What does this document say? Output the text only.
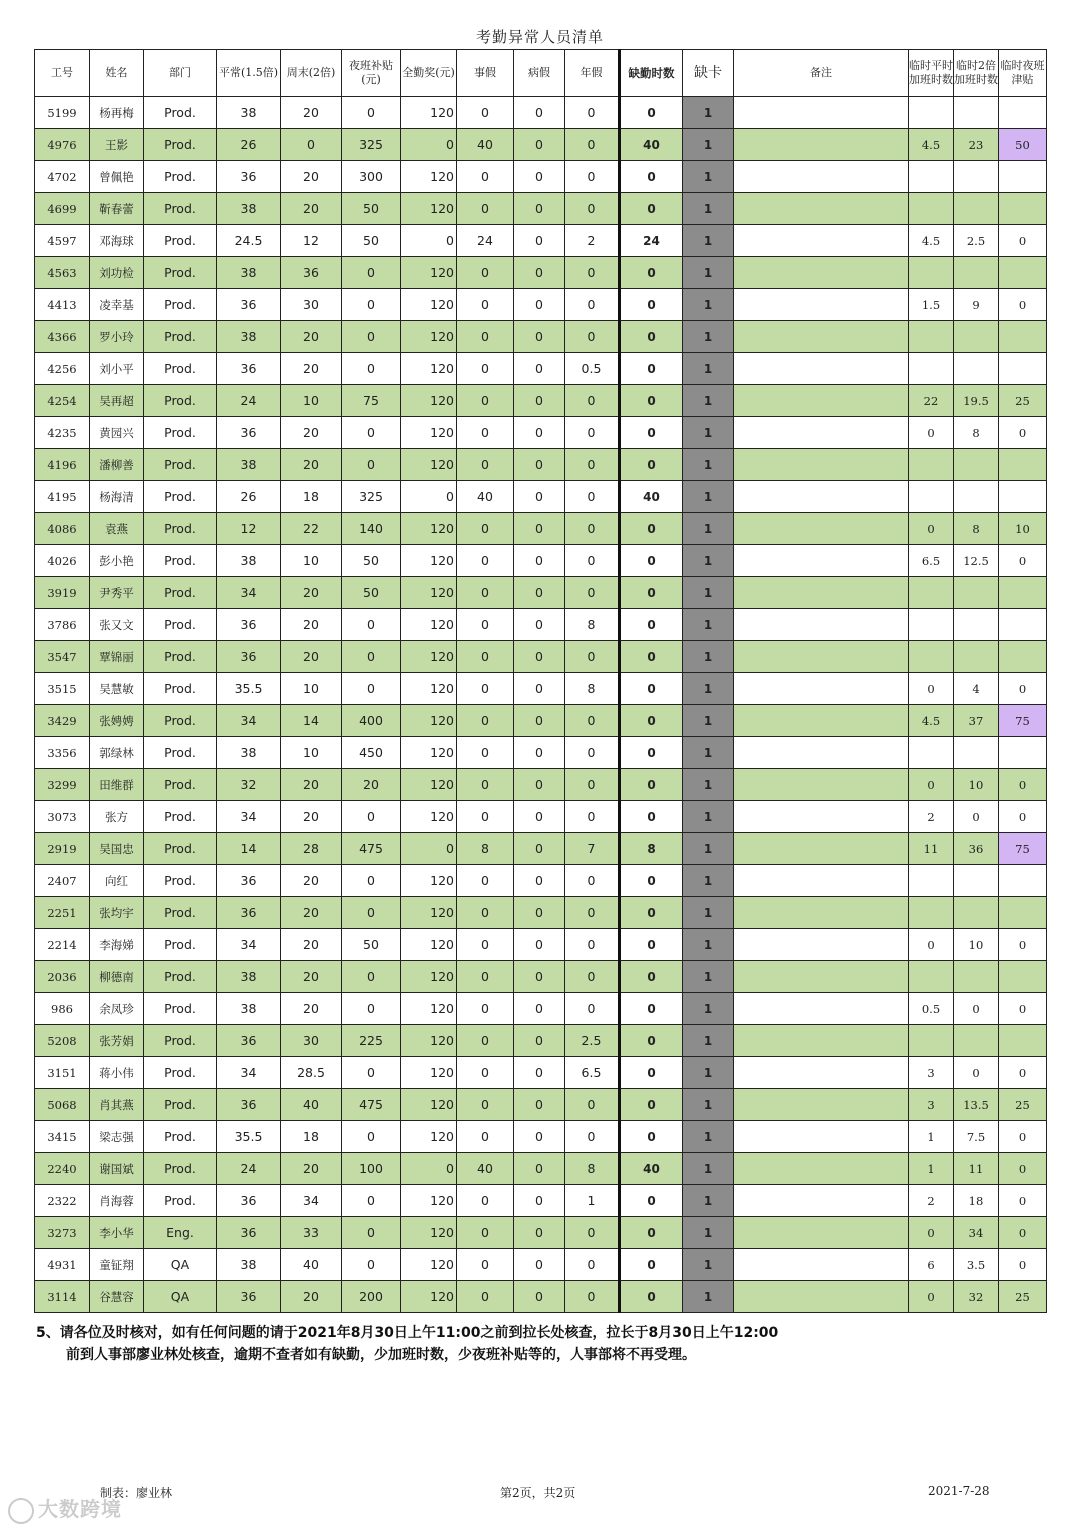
考勤异常人员清单
工号	姓名	部门	平常(1.5倍)	周末(2倍)	夜班补贴(元)	全勤奖(元)	事假	病假	年假	缺勤时数	缺卡	备注	临时平时加班时数	临时2倍加班时数	临时夜班津贴
5199	杨再梅	Prod.	38	20	0	120	0	0	0	0	1				
4976	王影	Prod.	26	0	325	0	40	0	0	40	1		4.5	23	50
4702	曾佩艳	Prod.	36	20	300	120	0	0	0	0	1				
4699	靳春蕾	Prod.	38	20	50	120	0	0	0	0	1				
4597	邓海球	Prod.	24.5	12	50	0	24	0	2	24	1		4.5	2.5	0
4563	刘功检	Prod.	38	36	0	120	0	0	0	0	1				
4413	凌幸基	Prod.	36	30	0	120	0	0	0	0	1		1.5	9	0
4366	罗小玲	Prod.	38	20	0	120	0	0	0	0	1				
4256	刘小平	Prod.	36	20	0	120	0	0	0.5	0	1				
4254	吴再超	Prod.	24	10	75	120	0	0	0	0	1		22	19.5	25
4235	黄园兴	Prod.	36	20	0	120	0	0	0	0	1		0	8	0
4196	潘柳善	Prod.	38	20	0	120	0	0	0	0	1				
4195	杨海清	Prod.	26	18	325	0	40	0	0	40	1				
4086	袁燕	Prod.	12	22	140	120	0	0	0	0	1		0	8	10
4026	彭小艳	Prod.	38	10	50	120	0	0	0	0	1		6.5	12.5	0
3919	尹秀平	Prod.	34	20	50	120	0	0	0	0	1				
3786	张又文	Prod.	36	20	0	120	0	0	8	0	1				
3547	覃锦丽	Prod.	36	20	0	120	0	0	0	0	1				
3515	吴慧敏	Prod.	35.5	10	0	120	0	0	8	0	1		0	4	0
3429	张娉娉	Prod.	34	14	400	120	0	0	0	0	1		4.5	37	75
3356	郭绿林	Prod.	38	10	450	120	0	0	0	0	1				
3299	田维群	Prod.	32	20	20	120	0	0	0	0	1		0	10	0
3073	张方	Prod.	34	20	0	120	0	0	0	0	1		2	0	0
2919	吴国忠	Prod.	14	28	475	0	8	0	7	8	1		11	36	75
2407	向红	Prod.	36	20	0	120	0	0	0	0	1				
2251	张均宇	Prod.	36	20	0	120	0	0	0	0	1				
2214	李海娣	Prod.	34	20	50	120	0	0	0	0	1		0	10	0
2036	柳德南	Prod.	38	20	0	120	0	0	0	0	1				
986	余凤珍	Prod.	38	20	0	120	0	0	0	0	1		0.5	0	0
5208	张芳娟	Prod.	36	30	225	120	0	0	2.5	0	1				
3151	蒋小伟	Prod.	34	28.5	0	120	0	0	6.5	0	1		3	0	0
5068	肖其燕	Prod.	36	40	475	120	0	0	0	0	1		3	13.5	25
3415	梁志强	Prod.	35.5	18	0	120	0	0	0	0	1		1	7.5	0
2240	谢国斌	Prod.	24	20	100	0	40	0	8	40	1		1	11	0
2322	肖海蓉	Prod.	36	34	0	120	0	0	1	0	1		2	18	0
3273	李小华	Eng.	36	33	0	120	0	0	0	0	1		0	34	0
4931	童钲翔	QA	38	40	0	120	0	0	0	0	1		6	3.5	0
3114	谷慧容	QA	36	20	200	120	0	0	0	0	1		0	32	25
5、请各位及时核对，如有任何问题的请于2021年8月30日上午11:00之前到拉长处核查，拉长于8月30日上午12:00
前到人事部廖业林处核查，逾期不查者如有缺勤，少加班时数，少夜班补贴等的，人事部将不再受理。
制表：廖业林	第2页，共2页	2021-7-28
大数跨境
